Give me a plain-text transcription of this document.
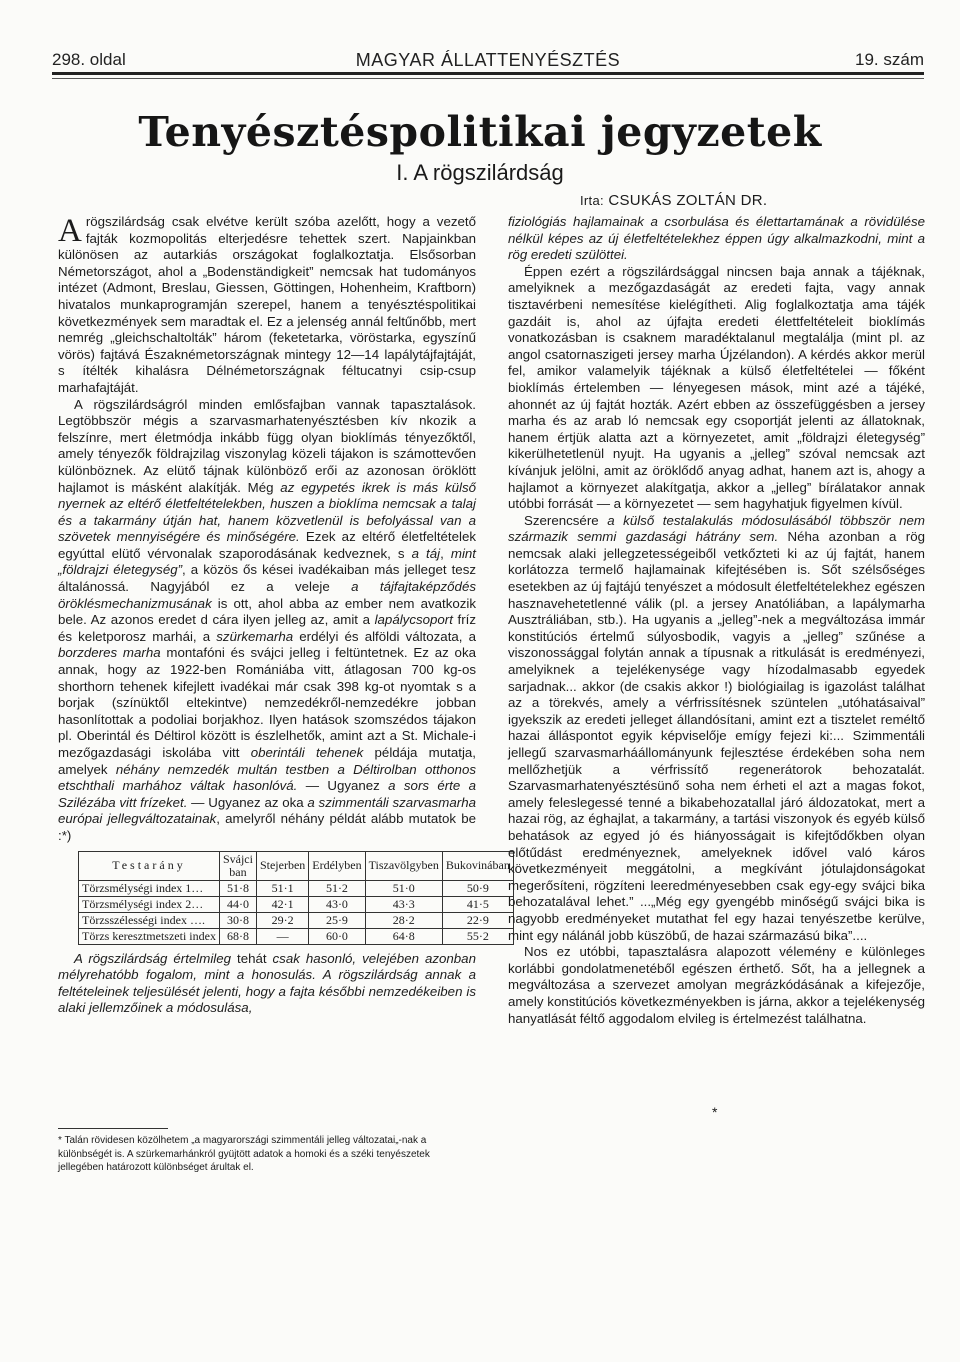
298. oldal	MAGYAR ÁLLATTENYÉSZTÉS	19. szám
Tenyésztéspolitikai jegyzetek
I. A rögszilárdság
Irta: CSUKÁS ZOLTÁN DR.

Arögszilárdság csak elvétve került szóba azelőtt, hogy a vezető fajták kozmopolitás elterjedésre tehettek szert. Napjainkban különösen az autarkiás országokat foglalkoztatja. Elsősorban Németországot, ahol a „Bodenständigkeit” nemcsak hat tudományos intézet (Admont, Breslau, Giessen, Göttingen, Hohenheim, Kraftborn) hivatalos munkaprogramján szerepel, hanem a tenyésztéspolitikai következmények sem maradtak el. Ez a jelenség annál feltűnőbb, mert nemrég „gleichschaltolták” három (feketetarka, vöröstarka, egyszínű vörös) fajtává Északnémetországnak mintegy 12—14 lapálytájfajtáját, s ítélték kihalásra Délnémetországnak féltucatnyi csip-csup marhafajtáját.

A rögszilárdságról minden emlősfajban vannak tapasztalások. Legtöbbször mégis a szarvasmarhatenyésztésben kív nkozik a felszínre, mert életmódja inkább függ olyan bioklímás tényezőktől, amely tényezők földrajzilag viszonylag közeli tájakon is számottevően különböznek. Az elütő tájnak különböző erői az azonosan öröklött hajlamot is másként alakítják. Még az egypetés ikrek is más külső nyernek az eltérő életfeltételekben, huszen a bioklíma nemcsak a talaj és a takarmány útján hat, hanem közvetlenül is befolyással van a szövetek mennyiségére és minőségére. Ezek az eltérő életfeltételek egyúttal elütő vérvonalak szaporodásának kedveznek, s a táj, mint „földrajzi életegység”, a közös ős kései ivadékaiban más jelleget tesz általánossá. Nagyjából ez a veleje a tájfajtaképződés öröklésmechanizmusának is ott, ahol abba az ember nem avatkozik bele. Az azonos eredet d cára ilyen jelleg az, amit a lapálycsoport fríz és keletporosz marhái, a szürkemarha erdélyi és alföldi változata, a borzderes marha montafóni és svájci jelleg i feltüntetnek. Ez az oka annak, hogy az 1922-ben Romániába vitt, átlagosan 700 kg-os shorthorn tehenek kifejlett ivadékai már csak 398 kg-ot nyomtak s a borjak (színüktől eltekintve) nemzedékről-nemzedékre jobban hasonlítottak a podoliai borjakhoz. Ilyen hatások szomszédos tájakon pl. Oberintál és Déltirol között is észlelhetők, amint azt a St. Michale-i mezőgazdasági iskolába vitt oberintáli tehenek példája mutatja, amelyek néhány nemzedék multán testben a Déltirolban otthonos etschthali marhához váltak hasonlóvá. — Ugyanez a sors érte a Szilézába vitt frízeket. — Ugyanez az oka a szimmentáli szarvasmarha európai jellegváltozatainak, amelyről néhány példát alább mutatok be :*)

Testarány	Svájci ban	Stejerben	Erdélyben	Tiszavölgyben	Bukovinában
Törzsmélységi index 1…	51·8	51·1	51·2	51·0	50·9
Törzsmélységi index 2…	44·0	42·1	43·0	43·3	41·5
Törzsszélességi index ….	30·8	29·2	25·9	28·2	22·9
Törzs keresztmetszeti index	68·8	—	60·0	64·8	55·2

A rögszilárdság értelmileg tehát csak hasonló, velejében azonban mélyrehatóbb fogalom, mint a honosulás. A rögszilárdság annak a feltételeinek teljesülését jelenti, hogy a fajta későbbi nemzedékeiben is alaki jellemzőinek a módosulása,

fiziológiás hajlamainak a csorbulása és élettartamának a rövidülése nélkül képes az új életfeltételekhez éppen úgy alkalmazkodni, mint a rög eredeti szülöttei.

Éppen ezért a rögszilárdsággal nincsen baja annak a tájéknak, amelyiknek a mezőgazdaságát az eredeti fajta, vagy annak tisztavérbeni nemesítése kielégítheti. Alig foglalkoztatja ama tájék gazdáit is, ahol az újfajta eredeti élettfeltételeit bioklímás vonatkozásban is csaknem maradéktalanul megtalálja (mint pl. az angol csatornaszigeti jersey marha Újzélandon). A kérdés akkor merül fel, amikor valamelyik tájéknak a külső életfeltételei — főként bioklímás értelemben — lényegesen mások, mint azé a tájéké, ahonnét az új fajtát hozták. Azért ebben az összefüggésben a jersey marha és az arab ló nemcsak egy csoportját jelenti az állatoknak, hanem értjük alatta azt a környezetet, amit „földrajzi életegység” kikerülhetetlenül nyujt. Ha ugyanis a „jelleg” szóval nemcsak azt kívánjuk jelölni, amit az öröklődő anyag adhat, hanem azt is, ahogy a hajlamot a környezet alakítgatja, akkor a „jelleg” bírálatakor annak utóbbi forrását — a környezetet — sem hagyhatjuk figyelmen kívül.

Szerencsére a külső testalakulás módosulásából többször nem származik semmi gazdasági hátrány sem. Néha azonban a rög nemcsak alaki jellegzetességeiből vetkőzteti ki az új fajtát, hanem korlátozza termelő hajlamainak kifejtésében is. Sőt szélsőséges esetekben az új fajtájú tenyészet a módosult életfeltételekhez egészen hasznavehetetlenné válik (pl. a jersey Anatóliában, a lapálymarha Ausztráliában, stb.). Ha ugyanis a „jelleg”-nek a megváltozása immár konstitúciós értelmű súlyosbodik, vagyis a „jelleg” szűnése a viszonossággal folytán annak a típusnak a ritkulását is eredményezi, amelyiknek a tejelékenysége vagy hízodalmasabb egyedek sarjadnak... akkor (de csakis akkor !) biológiailag is igazolást találhat az a törekvés, amely a vérfrissítésnek szüntelen „utóhatásaival” igyekszik az eredeti jelleget állandósítani, amint ezt a tisztelet reméltő hazai álláspontot egyik képviselője emígy fejezi ki:... Szimmentáli jellegű szarvasmarháállományunk fejlesztése érdekében soha nem mellőzhetjük a vérfrissítő regenerátorok behozatalát. Szarvasmarhatenyésztésünő soha nem érheti el azt a magas fokot, amely feleslegessé tenné a bikabehozatallal járó áldozatokat, mert a hazai rög, az éghajlat, a takarmány, a tartási viszonyok és egyéb külső behatások az egyed jó és hiányosságait is kifejtődőkben olyan előtűdást eredményeznek, amelyeknek idővel való káros következményeit meggátolni, a megkívánt jótulajdonságokat megerősíteni, rögzíteni leeredményesebben csak egy-egy svájci bika behozatalával lehet.” ...„Még egy gyengébb minőségű svájci bika is nagyobb eredményeket mutathat fel egy hazai tenyészetbe kerülve, mint egy nálánál jobb küszöbű, de hazai származású bika”....

Nos ez utóbbi, tapasztalásra alapozott vélemény e különleges korlábbi gondolatmenetéből egészen érthető. Sőt, ha a jellegnek a megváltozása a szervezet amolyan megrázkódásának a kifejezője, amely konstitúciós következményekben is járna, akkor a tejelékenység hanyatlását féltő aggodalom elvileg is értelmezést találhatna.

*

* Talán rövidesen közölhetem „a magyarországi szimmentáli jelleg változatai„-nak a különbségét is. A szürkemarhánkról gyüjtött adatok a homoki és a széki tenyészetek jellegében határozott különbséget árultak el.
